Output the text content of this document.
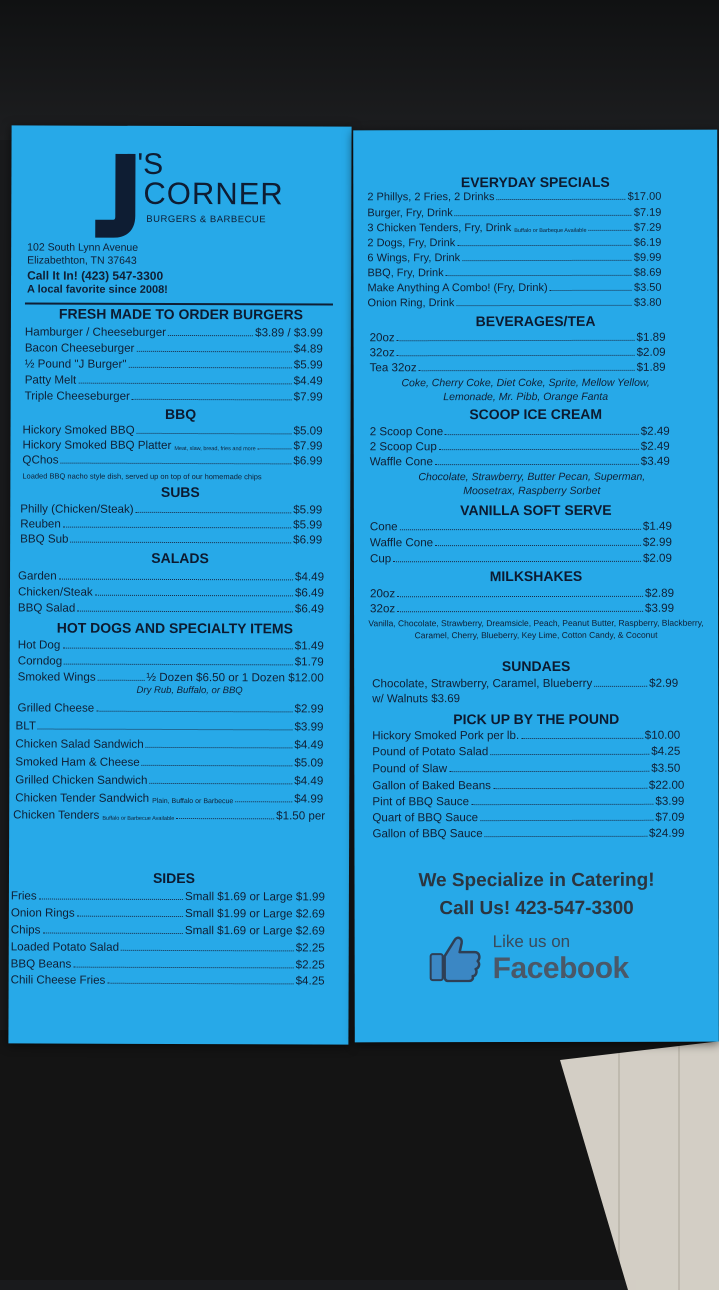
'S
CORNER
BURGERS & BARBECUE
102 South Lynn Avenue
Elizabethton, TN 37643
Call It In! (423) 547-3300
A local favorite since 2008!
FRESH MADE TO ORDER BURGERS
Hamburger / Cheeseburger	$3.89 / $3.99
Bacon Cheeseburger	$4.89
½ Pound "J Burger"	$5.99
Patty Melt	$4.49
Triple Cheeseburger	$7.99
BBQ
Hickory Smoked BBQ	$5.09
Hickory Smoked BBQ Platter Meat, slaw, bread, fries and more	$7.99
QChos	$6.99
Loaded BBQ nacho style dish, served up on top of our homemade chips
SUBS
Philly (Chicken/Steak)	$5.99
Reuben	$5.99
BBQ Sub	$6.99
SALADS
Garden	$4.49
Chicken/Steak	$6.49
BBQ Salad	$6.49
HOT DOGS AND SPECIALTY ITEMS
Hot Dog	$1.49
Corndog	$1.79
Smoked Wings	½ Dozen $6.50 or 1 Dozen $12.00
Dry Rub, Buffalo, or BBQ
Grilled Cheese	$2.99
BLT	$3.99
Chicken Salad Sandwich	$4.49
Smoked Ham & Cheese	$5.09
Grilled Chicken Sandwich	$4.49
Chicken Tender Sandwich Plain, Buffalo or Barbecue	$4.99
Chicken Tenders Buffalo or Barbecue Available	$1.50 per
SIDES
Fries	Small $1.69 or Large $1.99
Onion Rings	Small $1.99 or Large $2.69
Chips	Small $1.69 or Large $2.69
Loaded Potato Salad	$2.25
BBQ Beans	$2.25
Chili Cheese Fries	$4.25
EVERYDAY SPECIALS
2 Phillys, 2 Fries, 2 Drinks	$17.00
Burger, Fry, Drink	$7.19
3 Chicken Tenders, Fry, Drink Buffalo or Barbeque Available	$7.29
2 Dogs, Fry, Drink	$6.19
6 Wings, Fry, Drink	$9.99
BBQ, Fry, Drink	$8.69
Make Anything A Combo! (Fry, Drink)	$3.50
Onion Ring, Drink	$3.80
BEVERAGES/TEA
20oz	$1.89
32oz	$2.09
Tea 32oz	$1.89
Coke, Cherry Coke, Diet Coke, Sprite, Mellow Yellow, Lemonade, Mr. Pibb, Orange Fanta
SCOOP ICE CREAM
2 Scoop Cone	$2.49
2 Scoop Cup	$2.49
Waffle Cone	$3.49
Chocolate, Strawberry, Butter Pecan, Superman, Moosetrax, Raspberry Sorbet
VANILLA SOFT SERVE
Cone	$1.49
Waffle Cone	$2.99
Cup	$2.09
MILKSHAKES
20oz	$2.89
32oz	$3.99
Vanilla, Chocolate, Strawberry, Dreamsicle, Peach, Peanut Butter, Raspberry, Blackberry, Caramel, Cherry, Blueberry, Key Lime, Cotton Candy, & Coconut
SUNDAES
Chocolate, Strawberry, Caramel, Blueberry	$2.99
w/ Walnuts $3.69
PICK UP BY THE POUND
Hickory Smoked Pork per lb.	$10.00
Pound of Potato Salad	$4.25
Pound of Slaw	$3.50
Gallon of Baked Beans	$22.00
Pint of BBQ Sauce	$3.99
Quart of BBQ Sauce	$7.09
Gallon of BBQ Sauce	$24.99
We Specialize in Catering!
Call Us! 423-547-3300
Like us on
Facebook
